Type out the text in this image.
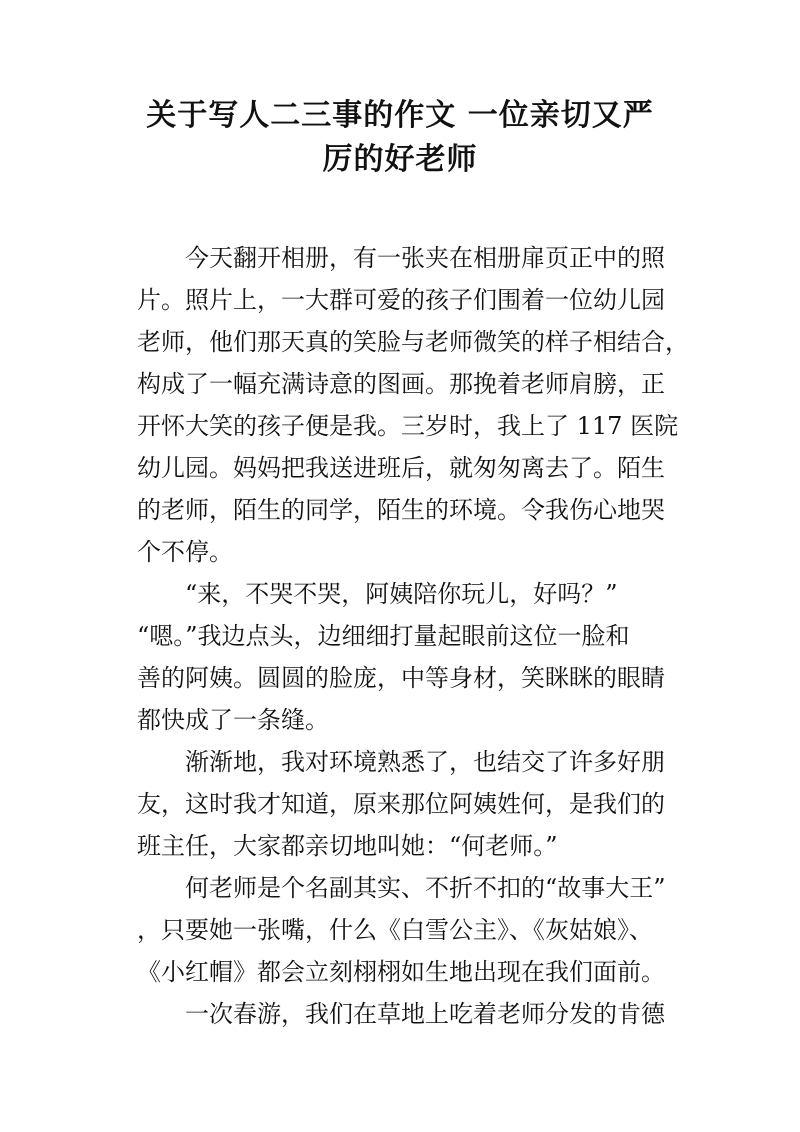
关于写人二三事的作文 一位亲切又严
厉的好老师
今天翻开相册，有一张夹在相册扉页正中的照
片。照片上，一大群可爱的孩子们围着一位幼儿园
老师，他们那天真的笑脸与老师微笑的样子相结合，
构成了一幅充满诗意的图画。那挽着老师肩膀，正
开怀大笑的孩子便是我。三岁时，我上了 117 医院
幼儿园。妈妈把我送进班后，就匆匆离去了。陌生
的老师，陌生的同学，陌生的环境。令我伤心地哭
个不停。
“来，不哭不哭，阿姨陪你玩儿，好吗？”
“嗯。”我边点头，边细细打量起眼前这位一脸和
善的阿姨。圆圆的脸庞，中等身材，笑眯眯的眼睛
都快成了一条缝。
渐渐地，我对环境熟悉了，也结交了许多好朋
友，这时我才知道，原来那位阿姨姓何，是我们的
班主任，大家都亲切地叫她：“何老师。”
何老师是个名副其实、不折不扣的“故事大王”
，只要她一张嘴，什么《白雪公主》、《灰姑娘》、
《小红帽》都会立刻栩栩如生地出现在我们面前。
一次春游，我们在草地上吃着老师分发的肯德
